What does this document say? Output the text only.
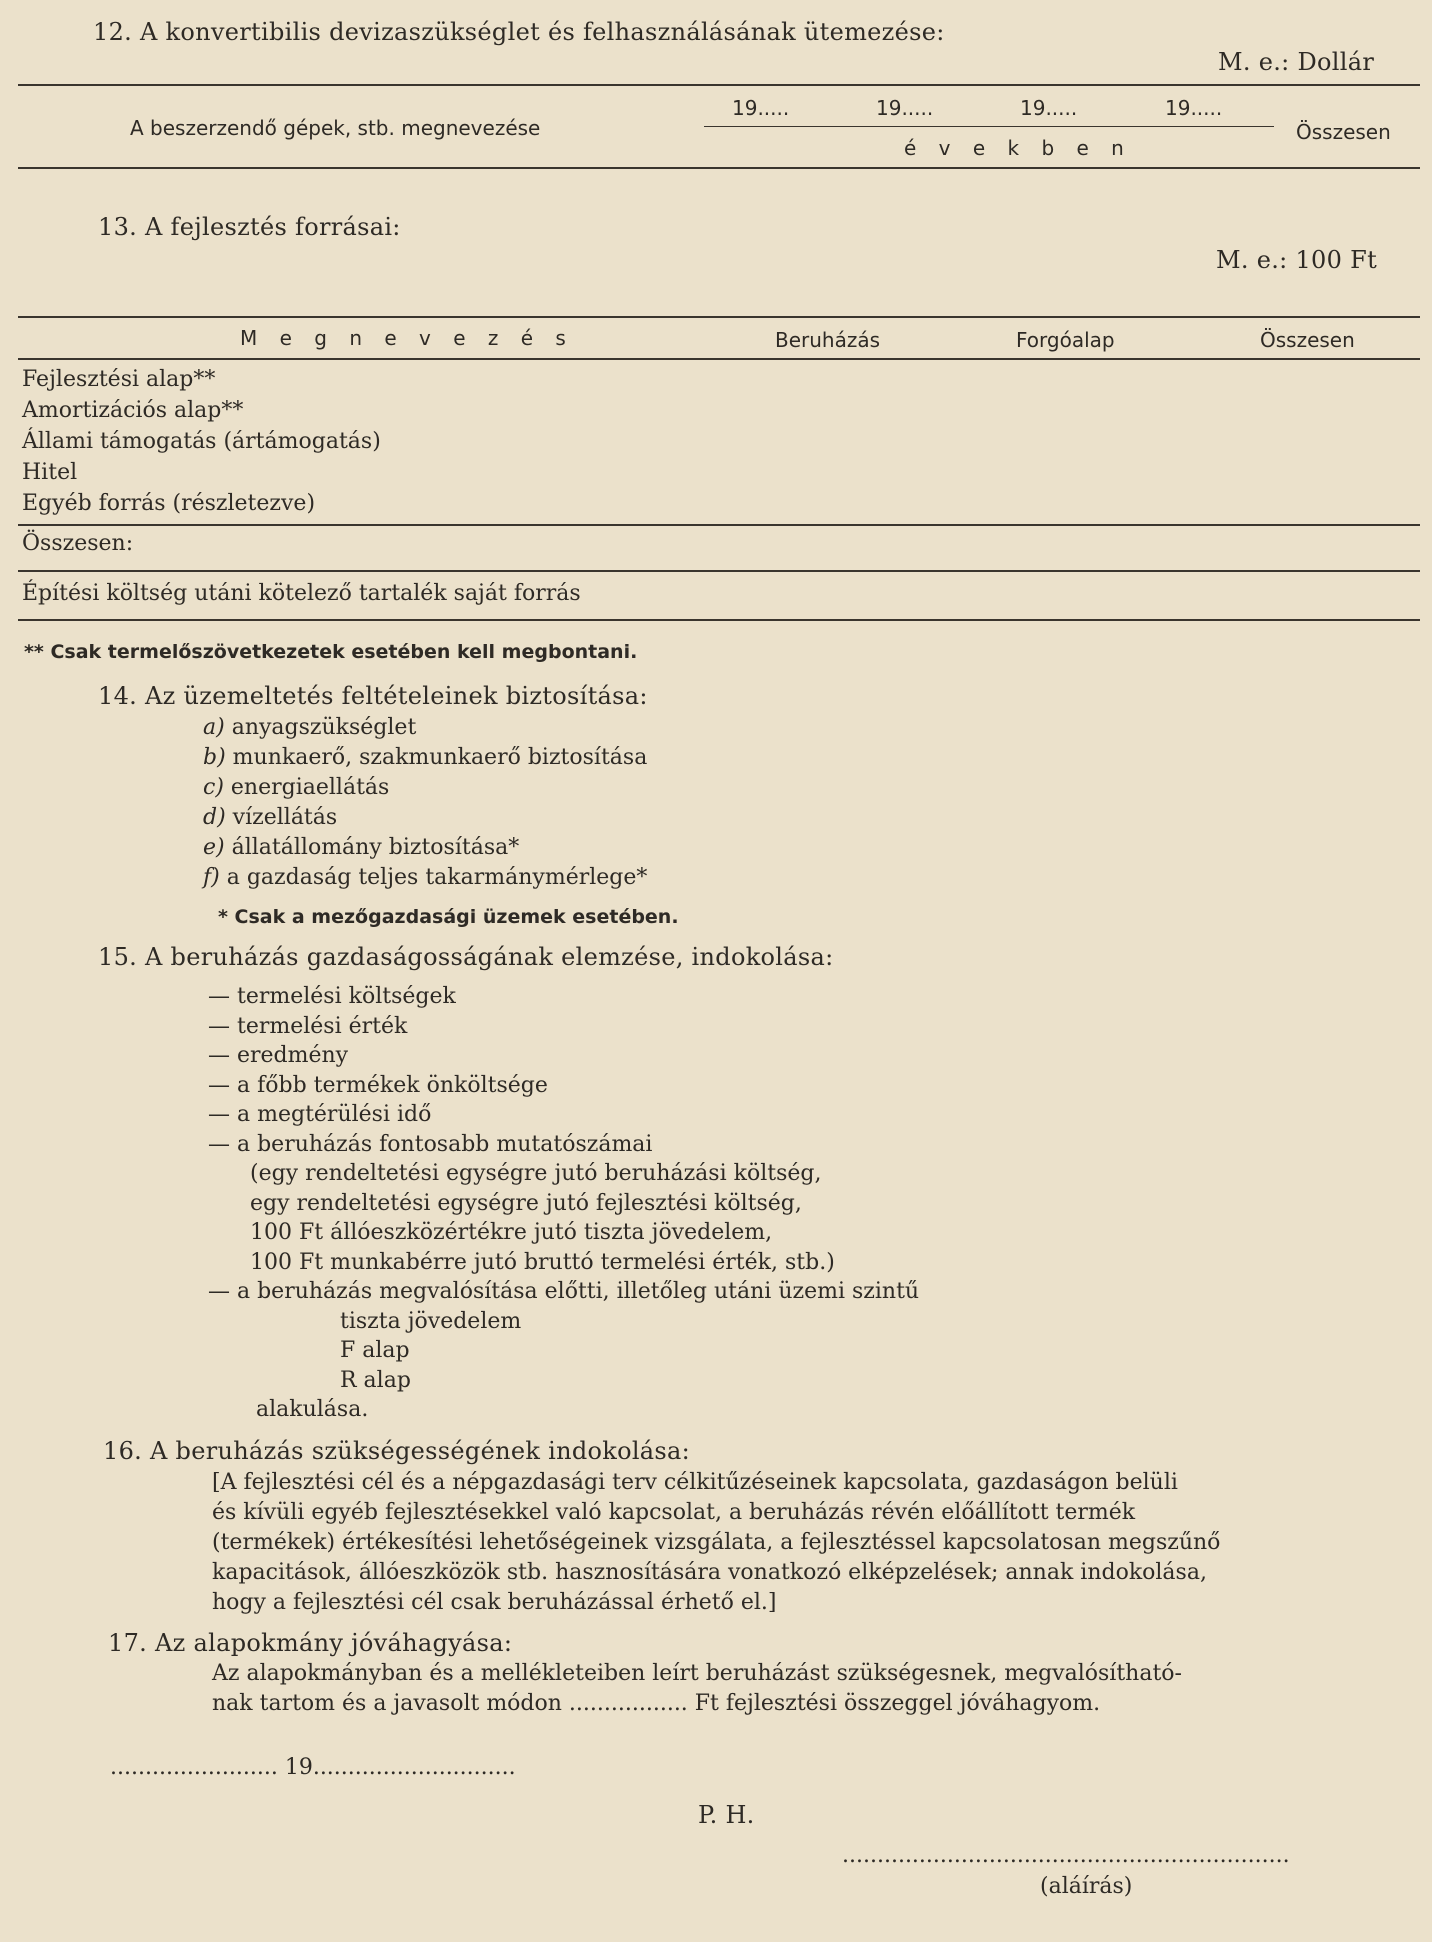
12. A konvertibilis devizaszükséglet és felhasználásának ütemezése:
M. e.: Dollár
A beszerzendő gépek, stb. megnevezése
19.....	19.....	19.....	19.....
é v e k b e n
Összesen
13. A fejlesztés forrásai:
M. e.: 100 Ft
M e g n e v e z é s	Beruházás	Forgóalap	Összesen
Fejlesztési alap**
Amortizációs alap**
Állami támogatás (ártámogatás)
Hitel
Egyéb forrás (részletezve)
Összesen:
Építési költség utáni kötelező tartalék saját forrás
** Csak termelőszövetkezetek esetében kell megbontani.
14. Az üzemeltetés feltételeinek biztosítása:
a) anyagszükséglet
b) munkaerő, szakmunkaerő biztosítása
c) energiaellátás
d) vízellátás
e) állatállomány biztosítása*
f) a gazdaság teljes takarmánymérlege*
* Csak a mezőgazdasági üzemek esetében.
15. A beruházás gazdaságosságának elemzése, indokolása:
— termelési költségek
— termelési érték
— eredmény
— a főbb termékek önköltsége
— a megtérülési idő
— a beruházás fontosabb mutatószámai
(egy rendeltetési egységre jutó beruházási költség,
egy rendeltetési egységre jutó fejlesztési költség,
100 Ft állóeszközértékre jutó tiszta jövedelem,
100 Ft munkabérre jutó bruttó termelési érték, stb.)
— a beruházás megvalósítása előtti, illetőleg utáni üzemi szintű
tiszta jövedelem
F alap
R alap
alakulása.
16. A beruházás szükségességének indokolása:
[A fejlesztési cél és a népgazdasági terv célkitűzéseinek kapcsolata, gazdaságon belüli
és kívüli egyéb fejlesztésekkel való kapcsolat, a beruházás révén előállított termék
(termékek) értékesítési lehetőségeinek vizsgálata, a fejlesztéssel kapcsolatosan megszűnő
kapacitások, állóeszközök stb. hasznosítására vonatkozó elképzelések; annak indokolása,
hogy a fejlesztési cél csak beruházással érhető el.]
17. Az alapokmány jóváhagyása:
Az alapokmányban és a mellékleteiben leírt beruházást szükségesnek, megvalósítható-
nak tartom és a javasolt módon ................. Ft fejlesztési összeggel jóváhagyom.
........................ 19.............................
P. H.
................................................................
(aláírás)
